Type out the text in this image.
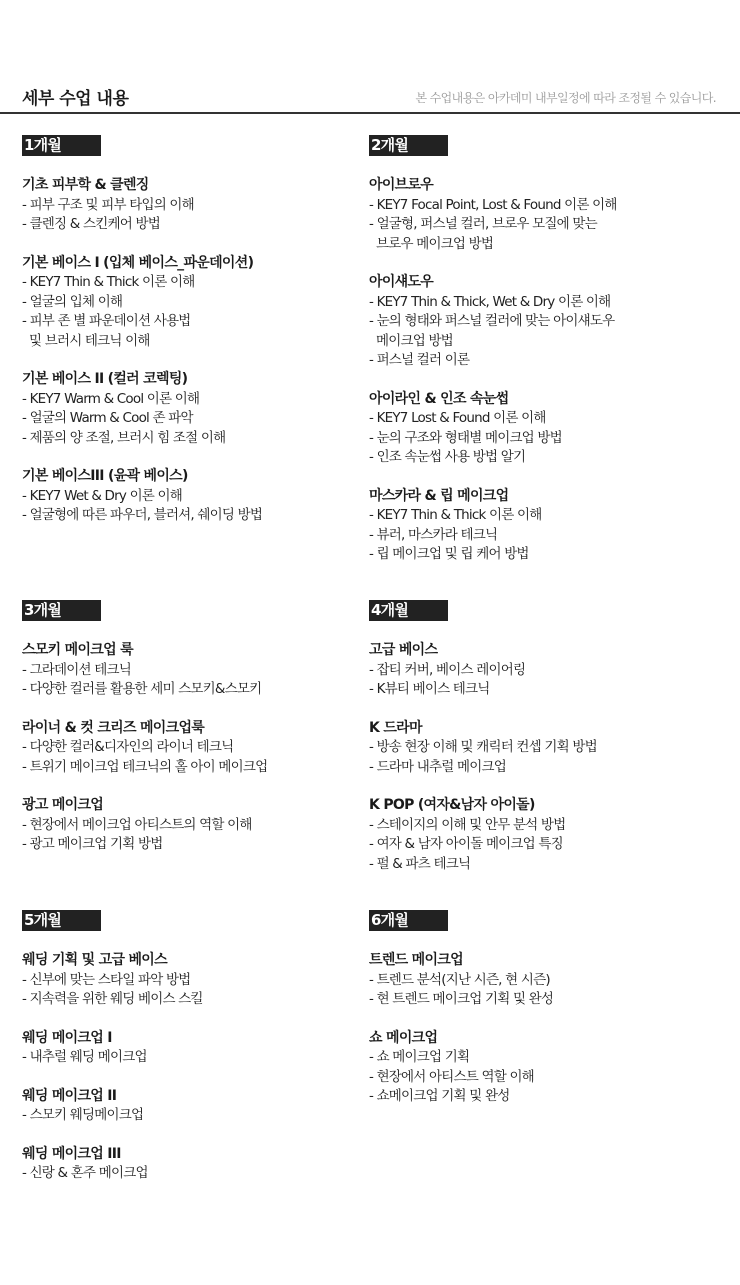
세부 수업 내용	본 수업내용은 아카데미 내부일정에 따라 조정될 수 있습니다.
1개월
기초 피부학 & 클렌징
- 피부 구조 및 피부 타입의 이해
- 클렌징 & 스킨케어 방법
기본 베이스 I (입체 베이스_파운데이션)
- KEY7 Thin & Thick 이론 이해
- 얼굴의 입체 이해
- 피부 존 별 파운데이션 사용법
및 브러시 테크닉 이해
기본 베이스 II (컬러 코렉팅)
- KEY7 Warm & Cool 이론 이해
- 얼굴의 Warm & Cool 존 파악
- 제품의 양 조절, 브러시 힘 조절 이해
기본 베이스III (윤곽 베이스)
- KEY7 Wet & Dry 이론 이해
- 얼굴형에 따른 파우더, 블러셔, 쉐이딩 방법
2개월
아이브로우
- KEY7 Focal Point, Lost & Found 이론 이해
- 얼굴형, 퍼스널 컬러, 브로우 모질에 맞는
브로우 메이크업 방법
아이섀도우
- KEY7 Thin & Thick, Wet & Dry 이론 이해
- 눈의 형태와 퍼스널 컬러에 맞는 아이섀도우
메이크업 방법
- 퍼스널 컬러 이론
아이라인 & 인조 속눈썹
- KEY7 Lost & Found 이론 이해
- 눈의 구조와 형태별 메이크업 방법
- 인조 속눈썹 사용 방법 알기
마스카라 & 립 메이크업
- KEY7 Thin & Thick 이론 이해
- 뷰러, 마스카라 테크닉
- 립 메이크업 및 립 케어 방법
3개월
스모키 메이크업 룩
- 그라데이션 테크닉
- 다양한 컬러를 활용한 세미 스모키&스모키
라이너 & 컷 크리즈 메이크업룩
- 다양한 컬러&디자인의 라이너 테크닉
- 트위기 메이크업 테크닉의 홀 아이 메이크업
광고 메이크업
- 현장에서 메이크업 아티스트의 역할 이해
- 광고 메이크업 기획 방법
4개월
고급 베이스
- 잡티 커버, 베이스 레이어링
- K뷰티 베이스 테크닉
K 드라마
- 방송 현장 이해 및 캐릭터 컨셉 기획 방법
- 드라마 내추럴 메이크업
K POP (여자&남자 아이돌)
- 스테이지의 이해 및 안무 분석 방법
- 여자 & 남자 아이돌 메이크업 특징
- 펄 & 파츠 테크닉
5개월
웨딩 기획 및 고급 베이스
- 신부에 맞는 스타일 파악 방법
- 지속력을 위한 웨딩 베이스 스킬
웨딩 메이크업 I
- 내추럴 웨딩 메이크업
웨딩 메이크업 II
- 스모키 웨딩메이크업
웨딩 메이크업 III
- 신랑 & 혼주 메이크업
6개월
트렌드 메이크업
- 트렌드 분석(지난 시즌, 현 시즌)
- 현 트렌드 메이크업 기획 및 완성
쇼 메이크업
- 쇼 메이크업 기획
- 현장에서 아티스트 역할 이해
- 쇼메이크업 기획 및 완성
